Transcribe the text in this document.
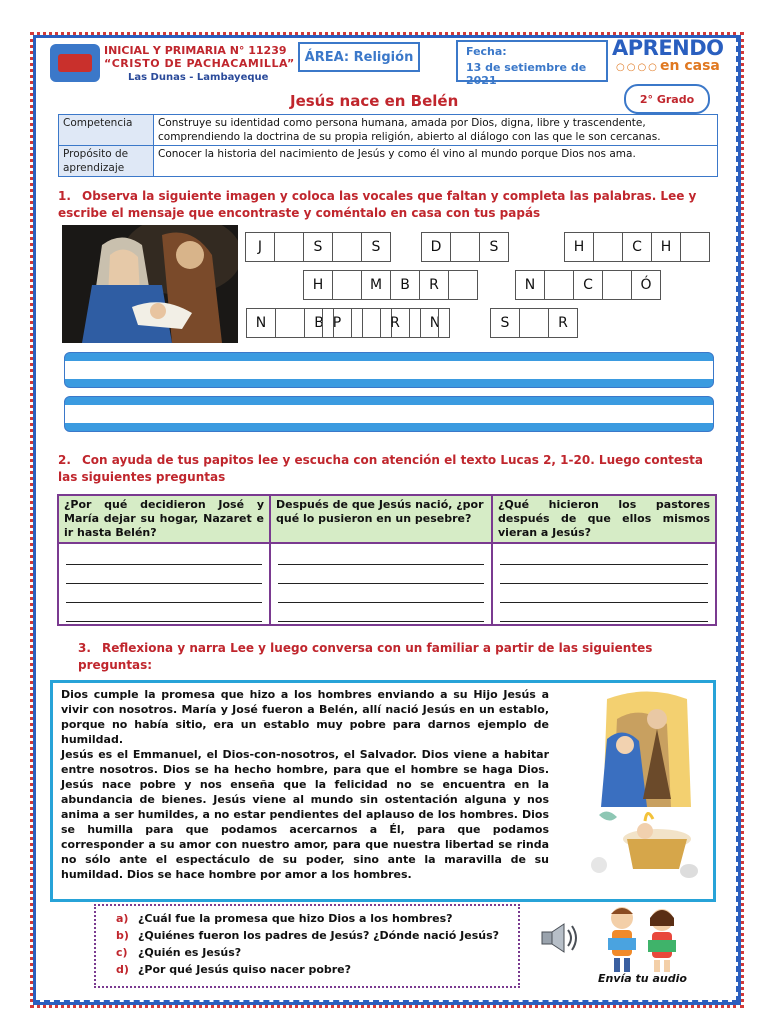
INICIAL Y PRIMARIA N° 11239
“CRISTO DE PACHACAMILLA”
Las Dunas - Lambayeque
ÁREA: Religión	Fecha:
13 de setiembre de 2021
APRENDO
○○○○ en casa
Jesús nace en Belén	2° Grado
Competencia	Construye su identidad como persona humana, amada por Dios, digna, libre y trascendente, comprendiendo la doctrina de su propia religión, abierto al diálogo con las que le son cercanas.
Propósito de aprendizaje	Conocer la historia del nacimiento de Jesús y como él vino al mundo porque Dios nos ama.
1. Observa la siguiente imagen y coloca las vocales que faltan y completa las palabras. Lee y escribe el mensaje que encontraste y coméntalo en casa con tus papás
J	S	S	D	S	H	C	H
H	M	B	R	N	C	Ó
N	B	N
P	R	S	R
2. Con ayuda de tus papitos lee y escucha con atención el texto Lucas 2, 1-20. Luego contesta las siguientes preguntas
¿Por qué decidieron José y María dejar su hogar, Nazaret e ir hasta Belén?	Después de que Jesús nació, ¿por qué lo pusieron en un pesebre?	¿Qué hicieron los pastores después de que ellos mismos vieran a Jesús?

3. Reflexiona y narra Lee y luego conversa con un familiar a partir de las siguientes preguntas:
Dios cumple la promesa que hizo a los hombres enviando a su Hijo Jesús a vivir con nosotros. María y José fueron a Belén, allí nació Jesús en un establo, porque no había sitio, era un establo muy pobre para darnos ejemplo de humildad.
Jesús es el Emmanuel, el Dios-con-nosotros, el Salvador. Dios viene a habitar entre nosotros. Dios se ha hecho hombre, para que el hombre se haga Dios. Jesús nace pobre y nos enseña que la felicidad no se encuentra en la abundancia de bienes. Jesús viene al mundo sin ostentación alguna y nos anima a ser humildes, a no estar pendientes del aplauso de los hombres. Dios se humilla para que podamos acercarnos a Él, para que podamos corresponder a su amor con nuestro amor, para que nuestra libertad se rinda no sólo ante el espectáculo de su poder, sino ante la maravilla de su humildad. Dios se hace hombre por amor a los hombres.
a) ¿Cuál fue la promesa que hizo Dios a los hombres?
b) ¿Quiénes fueron los padres de Jesús? ¿Dónde nació Jesús?
c) ¿Quién es Jesús?
d) ¿Por qué Jesús quiso nacer pobre?
Envía tu audio
